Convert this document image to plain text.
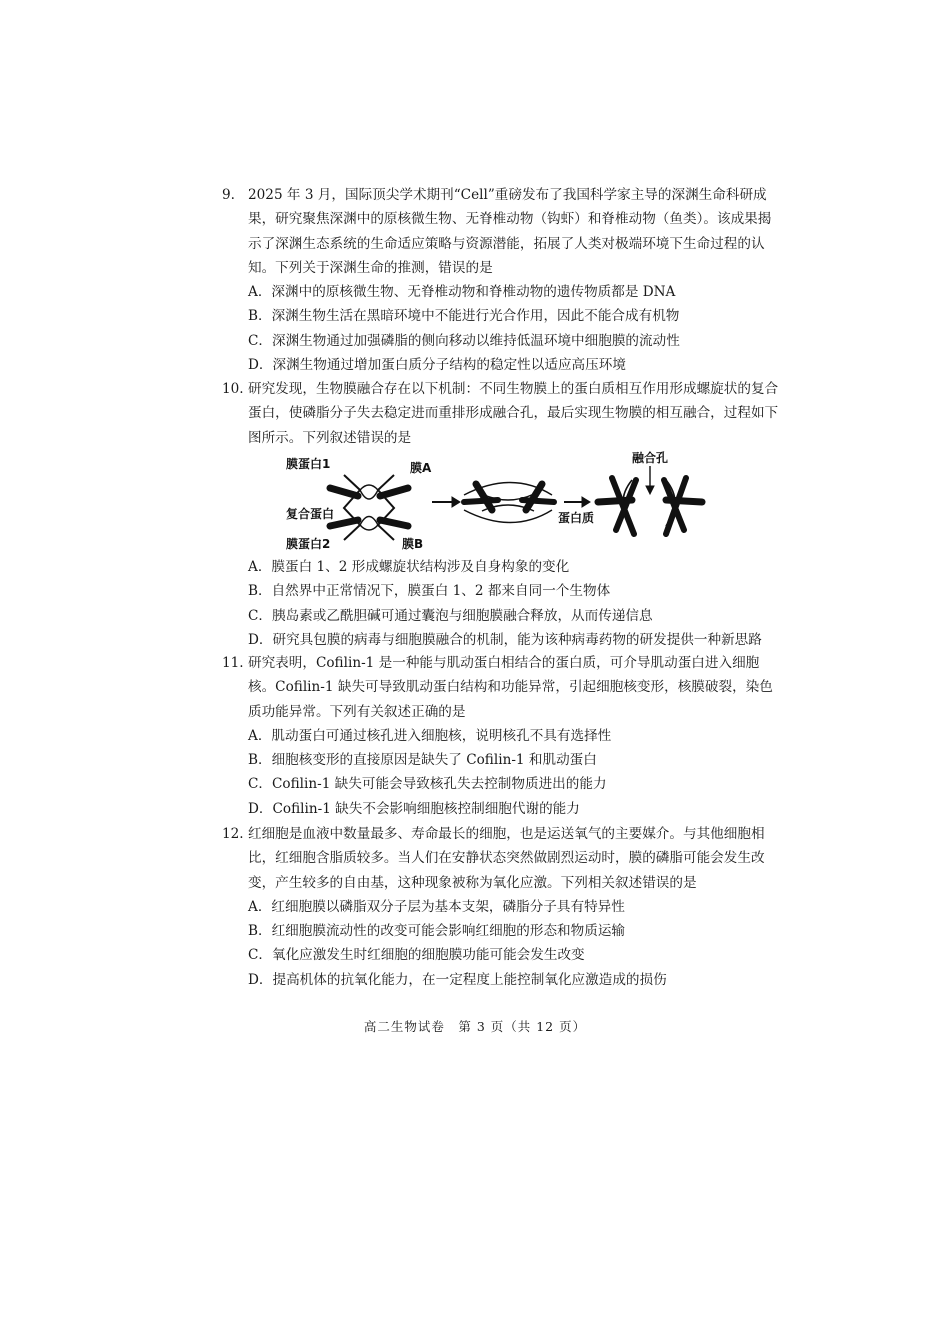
9. 2025 年 3 月，国际顶尖学术期刊“Cell”重磅发布了我国科学家主导的深渊生命科研成果，研究聚焦深渊中的原核微生物、无脊椎动物（钩虾）和脊椎动物（鱼类）。该成果揭示了深渊生态系统的生命适应策略与资源潜能，拓展了人类对极端环境下生命过程的认知。下列关于深渊生命的推测，错误的是

A．深渊中的原核微生物、无脊椎动物和脊椎动物的遗传物质都是 DNA

B．深渊生物生活在黑暗环境中不能进行光合作用，因此不能合成有机物

C．深渊生物通过加强磷脂的侧向移动以维持低温环境中细胞膜的流动性

D．深渊生物通过增加蛋白质分子结构的稳定性以适应高压环境

10. 研究发现，生物膜融合存在以下机制：不同生物膜上的蛋白质相互作用形成螺旋状的复合蛋白，使磷脂分子失去稳定进而重排形成融合孔，最后实现生物膜的相互融合，过程如下图所示。下列叙述错误的是

膜蛋白1	膜A
复合蛋白
膜蛋白2	膜B
蛋白质
融合孔

A．膜蛋白 1、2 形成螺旋状结构涉及自身构象的变化

B．自然界中正常情况下，膜蛋白 1、2 都来自同一个生物体

C．胰岛素或乙酰胆碱可通过囊泡与细胞膜融合释放，从而传递信息

D．研究具包膜的病毒与细胞膜融合的机制，能为该种病毒药物的研发提供一种新思路

11. 研究表明，Cofilin-1 是一种能与肌动蛋白相结合的蛋白质，可介导肌动蛋白进入细胞核。Cofilin-1 缺失可导致肌动蛋白结构和功能异常，引起细胞核变形，核膜破裂，染色质功能异常。下列有关叙述正确的是

A．肌动蛋白可通过核孔进入细胞核，说明核孔不具有选择性

B．细胞核变形的直接原因是缺失了 Cofilin-1 和肌动蛋白

C．Cofilin-1 缺失可能会导致核孔失去控制物质进出的能力

D．Cofilin-1 缺失不会影响细胞核控制细胞代谢的能力

12. 红细胞是血液中数量最多、寿命最长的细胞，也是运送氧气的主要媒介。与其他细胞相比，红细胞含脂质较多。当人们在安静状态突然做剧烈运动时，膜的磷脂可能会发生改变，产生较多的自由基，这种现象被称为氧化应激。下列相关叙述错误的是

A．红细胞膜以磷脂双分子层为基本支架，磷脂分子具有特异性

B．红细胞膜流动性的改变可能会影响红细胞的形态和物质运输

C．氧化应激发生时红细胞的细胞膜功能可能会发生改变

D．提高机体的抗氧化能力，在一定程度上能控制氧化应激造成的损伤

高二生物试卷　第 3 页（共 12 页）
